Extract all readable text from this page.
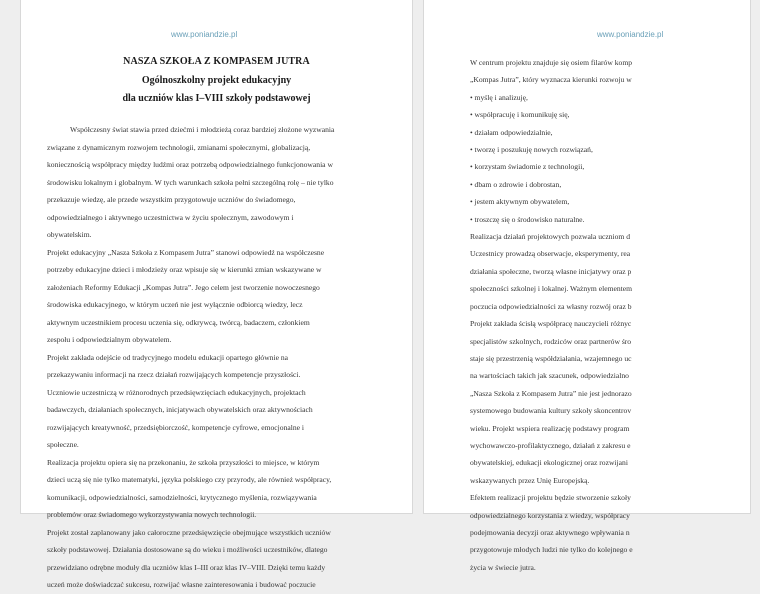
www.poniandzie.pl
NASZA SZKOŁA Z KOMPASEM JUTRA
Ogólnoszkolny projekt edukacyjny
dla uczniów klas I–VIII szkoły podstawowej

Współczesny świat stawia przed dziećmi i młodzieżą coraz bardziej złożone wyzwania

związane z dynamicznym rozwojem technologii, zmianami społecznymi, globalizacją,

koniecznością współpracy między ludźmi oraz potrzebą odpowiedzialnego funkcjonowania w

środowisku lokalnym i globalnym. W tych warunkach szkoła pełni szczególną rolę – nie tylko

przekazuje wiedzę, ale przede wszystkim przygotowuje uczniów do świadomego,

odpowiedzialnego i aktywnego uczestnictwa w życiu społecznym, zawodowym i

obywatelskim.

Projekt edukacyjny „Nasza Szkoła z Kompasem Jutra” stanowi odpowiedź na współczesne

potrzeby edukacyjne dzieci i młodzieży oraz wpisuje się w kierunki zmian wskazywane w

założeniach Reformy Edukacji „Kompas Jutra”. Jego celem jest tworzenie nowoczesnego

środowiska edukacyjnego, w którym uczeń nie jest wyłącznie odbiorcą wiedzy, lecz

aktywnym uczestnikiem procesu uczenia się, odkrywcą, twórcą, badaczem, członkiem

zespołu i odpowiedzialnym obywatelem.

Projekt zakłada odejście od tradycyjnego modelu edukacji opartego głównie na

przekazywaniu informacji na rzecz działań rozwijających kompetencje przyszłości.

Uczniowie uczestniczą w różnorodnych przedsięwzięciach edukacyjnych, projektach

badawczych, działaniach społecznych, inicjatywach obywatelskich oraz aktywnościach

rozwijających kreatywność, przedsiębiorczość, kompetencje cyfrowe, emocjonalne i

społeczne.

Realizacja projektu opiera się na przekonaniu, że szkoła przyszłości to miejsce, w którym

dzieci uczą się nie tylko matematyki, języka polskiego czy przyrody, ale również współpracy,

komunikacji, odpowiedzialności, samodzielności, krytycznego myślenia, rozwiązywania

problemów oraz świadomego wykorzystywania nowych technologii.

Projekt został zaplanowany jako całoroczne przedsięwzięcie obejmujące wszystkich uczniów

szkoły podstawowej. Działania dostosowane są do wieku i możliwości uczestników, dlatego

przewidziano odrębne moduły dla uczniów klas I–III oraz klas IV–VIII. Dzięki temu każdy

uczeń może doświadczać sukcesu, rozwijać własne zainteresowania i budować poczucie

www.poniandzie.pl

W centrum projektu znajduje się osiem filarów komp

„Kompas Jutra”, który wyznacza kierunki rozwoju w

• myślę i analizuję,

• współpracuję i komunikuję się,

• działam odpowiedzialnie,

• tworzę i poszukuję nowych rozwiązań,

• korzystam świadomie z technologii,

• dbam o zdrowie i dobrostan,

• jestem aktywnym obywatelem,

• troszczę się o środowisko naturalne.

Realizacja działań projektowych pozwala uczniom d

Uczestnicy prowadzą obserwacje, eksperymenty, rea

działania społeczne, tworzą własne inicjatywy oraz p

społeczności szkolnej i lokalnej. Ważnym elementem

poczucia odpowiedzialności za własny rozwój oraz b

Projekt zakłada ścisłą współpracę nauczycieli różnyc

specjalistów szkolnych, rodziców oraz partnerów śro

staje się przestrzenią współdziałania, wzajemnego uc

na wartościach takich jak szacunek, odpowiedzialno

„Nasza Szkoła z Kompasem Jutra” nie jest jednorazo

systemowego budowania kultury szkoły skoncentrov

wieku. Projekt wspiera realizację podstawy program

wychowawczo-profilaktycznego, działań z zakresu e

obywatelskiej, edukacji ekologicznej oraz rozwijani

wskazywanych przez Unię Europejską.

Efektem realizacji projektu będzie stworzenie szkoły

odpowiedzialnego korzystania z wiedzy, współpracy

podejmowania decyzji oraz aktywnego wpływania n

przygotowuje młodych ludzi nie tylko do kolejnego e

życia w świecie jutra.
